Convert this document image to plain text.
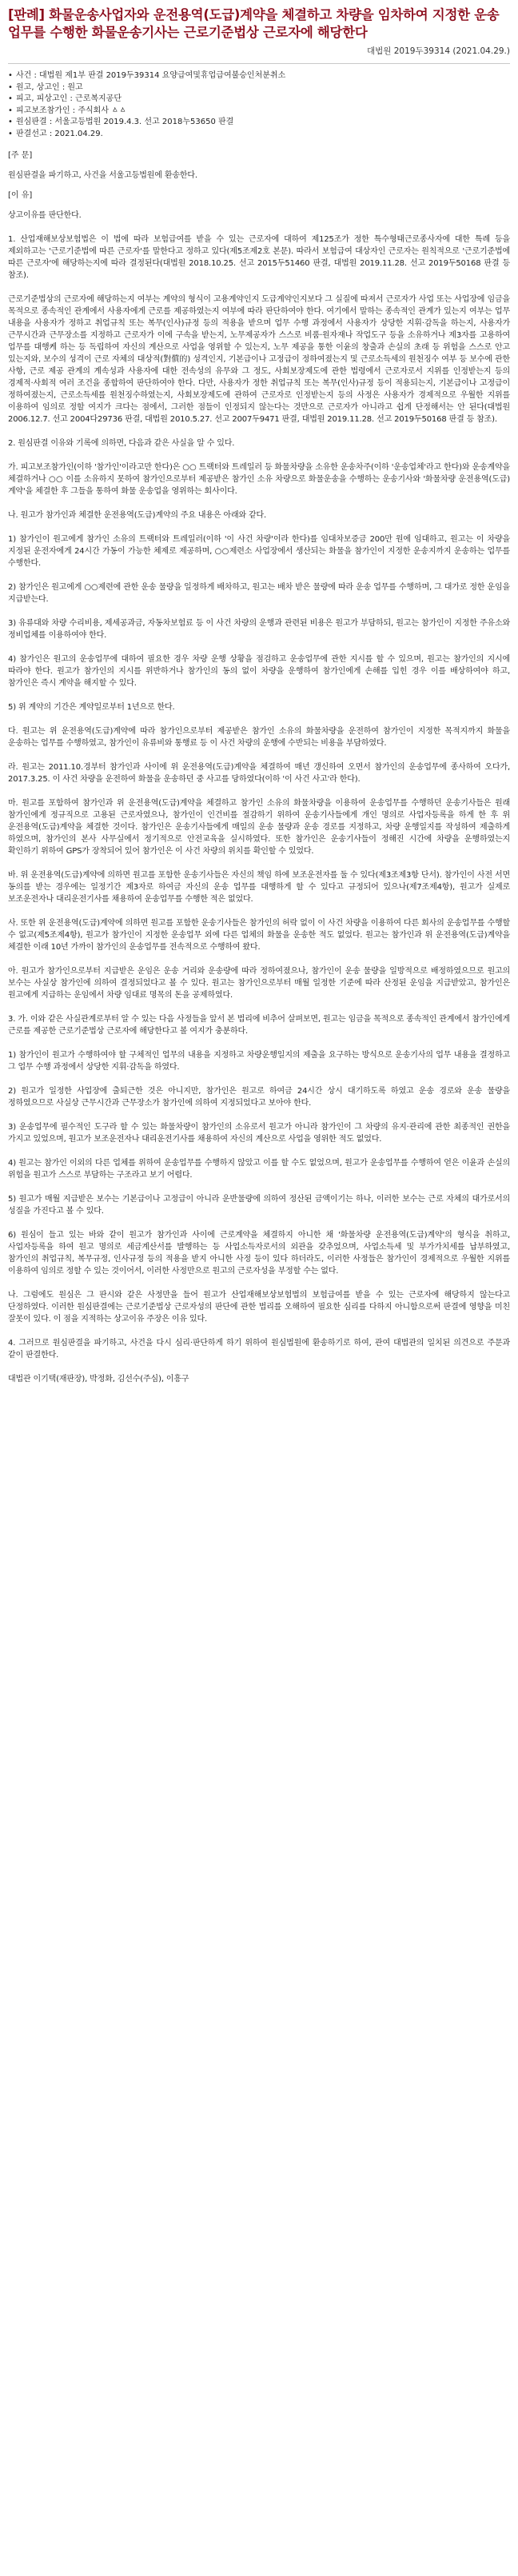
[판례] 화물운송사업자와 운전용역(도급)계약을 체결하고 차량을 임차하여 지정한 운송업무를 수행한 화물운송기사는 근로기준법상 근로자에 해당한다
대법원 2019두39314 (2021.04.29.)
• 사건 : 대법원 제1부 판결 2019두39314 요양급여및휴업급여불승인처분취소
• 원고, 상고인 : 원고
• 피고, 피상고인 : 근로복지공단
• 피고보조참가인 : 주식회사 ㅿㅿ
• 원심판결 : 서울고등법원 2019.4.3. 선고 2018누53650 판결
• 판결선고 : 2021.04.29.
[주 문]

원심판결을 파기하고, 사건을 서울고등법원에 환송한다.

[이 유]

상고이유를 판단한다.

1. 산업재해보상보험법은 이 법에 따라 보험급여를 받을 수 있는 근로자에 대하여 제125조가 정한 특수형태근로종사자에 대한 특례 등을 제외하고는 '근로기준법에 따른 근로자'를 말한다고 정하고 있다(제5조제2호 본문). 따라서 보험급여 대상자인 근로자는 원칙적으로 '근로기준법에 따른 근로자'에 해당하는지에 따라 결정된다(대법원 2018.10.25. 선고 2015두51460 판결, 대법원 2019.11.28. 선고 2019두50168 판결 등 참조).

근로기준법상의 근로자에 해당하는지 여부는 계약의 형식이 고용계약인지 도급계약인지보다 그 실질에 따져서 근로자가 사업 또는 사업장에 임금을 목적으로 종속적인 관계에서 사용자에게 근로를 제공하였는지 여부에 따라 판단하여야 한다. 여기에서 말하는 종속적인 관계가 있는지 여부는 업무 내용을 사용자가 정하고 취업규칙 또는 복무(인사)규정 등의 적용을 받으며 업무 수행 과정에서 사용자가 상당한 지휘·감독을 하는지, 사용자가 근무시간과 근무장소를 지정하고 근로자가 이에 구속을 받는지, 노무제공자가 스스로 비품·원자재나 작업도구 등을 소유하거나 제3자를 고용하여 업무를 대행케 하는 등 독립하여 자신의 계산으로 사업을 영위할 수 있는지, 노무 제공을 통한 이윤의 창출과 손실의 초래 등 위험을 스스로 안고 있는지와, 보수의 성격이 근로 자체의 대상적(對償的) 성격인지, 기본급이나 고정급이 정하여졌는지 및 근로소득세의 원천징수 여부 등 보수에 관한 사항, 근로 제공 관계의 계속성과 사용자에 대한 전속성의 유무와 그 정도, 사회보장제도에 관한 법령에서 근로자로서 지위를 인정받는지 등의 경제적·사회적 여러 조건을 종합하여 판단하여야 한다. 다만, 사용자가 정한 취업규칙 또는 복무(인사)규정 등이 적용되는지, 기본급이나 고정급이 정하여졌는지, 근로소득세를 원천징수하였는지, 사회보장제도에 관하여 근로자로 인정받는지 등의 사정은 사용자가 경제적으로 우월한 지위를 이용하여 임의로 정할 여지가 크다는 점에서, 그러한 점들이 인정되지 않는다는 것만으로 근로자가 아니라고 쉽게 단정해서는 안 된다(대법원 2006.12.7. 선고 2004다29736 판결, 대법원 2010.5.27. 선고 2007두9471 판결, 대법원 2019.11.28. 선고 2019두50168 판결 등 참조).

2. 원심판결 이유와 기록에 의하면, 다음과 같은 사실을 알 수 있다.

가. 피고보조참가인(이하 '참가인'이라고만 한다)은 ○○ 트랙터와 트레일러 등 화물차량을 소유한 운송차주(이하 '운송업체'라고 한다)와 운송계약을 체결하거나 ○○ 이를 소유하지 못하여 참가인으로부터 제공받은 참가인 소유 차량으로 화물운송을 수행하는 운송기사와 '화물차량 운전용역(도급)계약'을 체결한 후 그들을 통하여 화물 운송업을 영위하는 회사이다.

나. 원고가 참가인과 체결한 운전용역(도급)계약의 주요 내용은 아래와 같다.

1) 참가인이 원고에게 참가인 소유의 트랙터와 트레일러(이하 '이 사건 차량'이라 한다)를 임대차보증금 200만 원에 임대하고, 원고는 이 차량을 지정된 운전자에게 24시간 가동이 가능한 체제로 제공하며, ○○제련소 사업장에서 생산되는 화물을 참가인이 지정한 운송지까지 운송하는 업무를 수행한다.

2) 참가인은 원고에게 ○○제련에 관한 운송 물량을 일정하게 배차하고, 원고는 배차 받은 물량에 따라 운송 업무를 수행하며, 그 대가로 정한 운임을 지급받는다.

3) 유류대와 차량 수리비용, 제세공과금, 자동차보험료 등 이 사건 차량의 운행과 관련된 비용은 원고가 부담하되, 원고는 참가인이 지정한 주유소와 정비업체를 이용하여야 한다.

4) 참가인은 원고의 운송업무에 대하여 필요한 경우 차량 운행 상황을 점검하고 운송업무에 관한 지시를 할 수 있으며, 원고는 참가인의 지시에 따라야 한다. 원고가 참가인의 지시를 위반하거나 참가인의 동의 없이 차량을 운행하여 참가인에게 손해를 입힌 경우 이를 배상하여야 하고, 참가인은 즉시 계약을 해지할 수 있다.

5) 위 계약의 기간은 계약일로부터 1년으로 한다.

다. 원고는 위 운전용역(도급)계약에 따라 참가인으로부터 제공받은 참가인 소유의 화물차량을 운전하여 참가인이 지정한 목적지까지 화물을 운송하는 업무를 수행하였고, 참가인이 유류비와 통행료 등 이 사건 차량의 운행에 수반되는 비용을 부담하였다.

라. 원고는 2011.10.경부터 참가인과 사이에 위 운전용역(도급)계약을 체결하여 매년 갱신하여 오면서 참가인의 운송업무에 종사하여 오다가, 2017.3.25. 이 사건 차량을 운전하여 화물을 운송하던 중 사고를 당하였다(이하 '이 사건 사고'라 한다).

마. 원고를 포함하여 참가인과 위 운전용역(도급)계약을 체결하고 참가인 소유의 화물차량을 이용하여 운송업무를 수행하던 운송기사들은 원래 참가인에게 정규직으로 고용된 근로자였으나, 참가인이 인건비를 절감하기 위하여 운송기사들에게 개인 명의로 사업자등록을 하게 한 후 위 운전용역(도급)계약을 체결한 것이다. 참가인은 운송기사들에게 매일의 운송 물량과 운송 경로를 지정하고, 차량 운행일지를 작성하여 제출하게 하였으며, 참가인의 본사 사무실에서 정기적으로 안전교육을 실시하였다. 또한 참가인은 운송기사들이 정해진 시간에 차량을 운행하였는지 확인하기 위하여 GPS가 장착되어 있어 참가인은 이 사건 차량의 위치를 확인할 수 있었다.

바. 위 운전용역(도급)계약에 의하면 원고를 포함한 운송기사들은 자신의 책임 하에 보조운전자를 둘 수 있다(제3조제3항 단서). 참가인이 사전 서면 동의를 받는 경우에는 일정기간 제3자로 하여금 자신의 운송 업무를 대행하게 할 수 있다고 규정되어 있으나(제7조제4항), 원고가 실제로 보조운전자나 대리운전기사를 채용하여 운송업무를 수행한 적은 없었다.

사. 또한 위 운전용역(도급)계약에 의하면 원고를 포함한 운송기사들은 참가인의 허락 없이 이 사건 차량을 이용하여 다른 회사의 운송업무를 수행할 수 없고(제5조제4항), 원고가 참가인이 지정한 운송업무 외에 다른 업체의 화물을 운송한 적도 없었다. 원고는 참가인과 위 운전용역(도급)계약을 체결한 이래 10년 가까이 참가인의 운송업무를 전속적으로 수행하여 왔다.

아. 원고가 참가인으로부터 지급받은 운임은 운송 거리와 운송량에 따라 정하여졌으나, 참가인이 운송 물량을 일방적으로 배정하였으므로 원고의 보수는 사실상 참가인에 의하여 결정되었다고 볼 수 있다. 원고는 참가인으로부터 매월 일정한 기준에 따라 산정된 운임을 지급받았고, 참가인은 원고에게 지급하는 운임에서 차량 임대료 명목의 돈을 공제하였다.

3. 가. 이와 같은 사실관계로부터 알 수 있는 다음 사정들을 앞서 본 법리에 비추어 살펴보면, 원고는 임금을 목적으로 종속적인 관계에서 참가인에게 근로를 제공한 근로기준법상 근로자에 해당한다고 볼 여지가 충분하다.

1) 참가인이 원고가 수행하여야 할 구체적인 업무의 내용을 지정하고 차량운행일지의 제출을 요구하는 방식으로 운송기사의 업무 내용을 결정하고 그 업무 수행 과정에서 상당한 지휘·감독을 하였다.

2) 원고가 일정한 사업장에 출퇴근한 것은 아니지만, 참가인은 원고로 하여금 24시간 상시 대기하도록 하였고 운송 경로와 운송 물량을 정하였으므로 사실상 근무시간과 근무장소가 참가인에 의하여 지정되었다고 보아야 한다.

3) 운송업무에 필수적인 도구라 할 수 있는 화물차량이 참가인의 소유로서 원고가 아니라 참가인이 그 차량의 유지·관리에 관한 최종적인 권한을 가지고 있었으며, 원고가 보조운전자나 대리운전기사를 채용하여 자신의 계산으로 사업을 영위한 적도 없었다.

4) 원고는 참가인 이외의 다른 업체를 위하여 운송업무를 수행하지 않았고 이를 할 수도 없었으며, 원고가 운송업무를 수행하여 얻은 이윤과 손실의 위험을 원고가 스스로 부담하는 구조라고 보기 어렵다.

5) 원고가 매월 지급받은 보수는 기본급이나 고정급이 아니라 운반물량에 의하여 정산된 금액이기는 하나, 이러한 보수는 근로 자체의 대가로서의 성질을 가진다고 볼 수 있다.

6) 원심이 들고 있는 바와 같이 원고가 참가인과 사이에 근로계약을 체결하지 아니한 채 '화물차량 운전용역(도급)계약'의 형식을 취하고, 사업자등록을 하여 원고 명의로 세금계산서를 발행하는 등 사업소득자로서의 외관을 갖추었으며, 사업소득세 및 부가가치세를 납부하였고, 참가인의 취업규칙, 복무규정, 인사규정 등의 적용을 받지 아니한 사정 등이 있다 하더라도, 이러한 사정들은 참가인이 경제적으로 우월한 지위를 이용하여 임의로 정할 수 있는 것이어서, 이러한 사정만으로 원고의 근로자성을 부정할 수는 없다.

나. 그럼에도 원심은 그 판시와 같은 사정만을 들어 원고가 산업재해보상보험법의 보험급여를 받을 수 있는 근로자에 해당하지 않는다고 단정하였다. 이러한 원심판결에는 근로기준법상 근로자성의 판단에 관한 법리를 오해하여 필요한 심리를 다하지 아니함으로써 판결에 영향을 미친 잘못이 있다. 이 점을 지적하는 상고이유 주장은 이유 있다.

4. 그러므로 원심판결을 파기하고, 사건을 다시 심리·판단하게 하기 위하여 원심법원에 환송하기로 하여, 관여 대법관의 일치된 의견으로 주문과 같이 판결한다.

대법관 이기택(재판장), 박정화, 김선수(주심), 이흥구
